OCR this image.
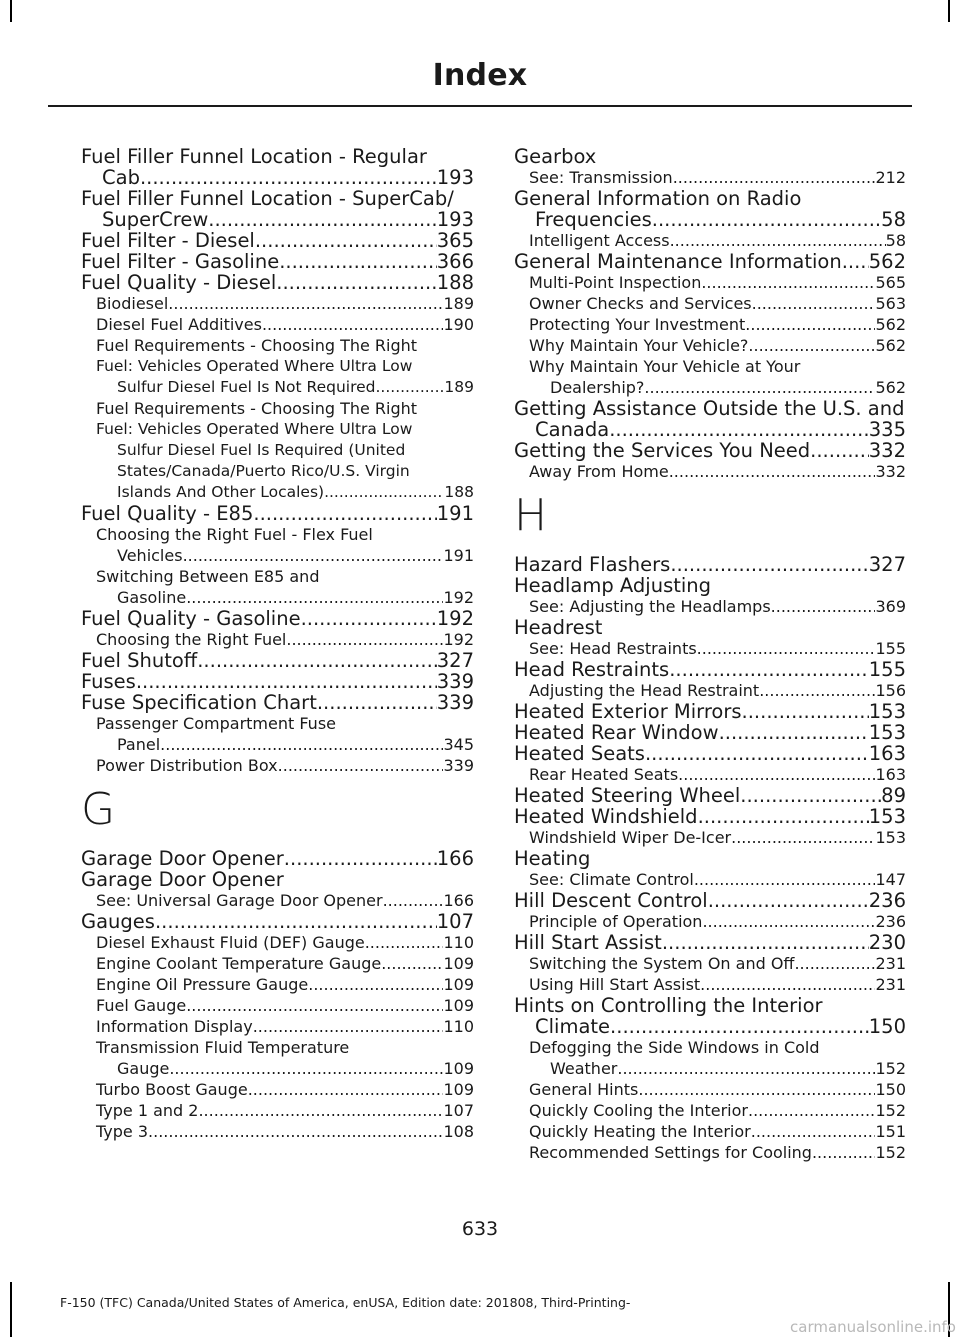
Index
Fuel Filler Funnel Location - Regular
Cab .....	193
Fuel Filler Funnel Location - SuperCab/
SuperCrew .....	193
Fuel Filter - Diesel .....	365
Fuel Filter - Gasoline .....	366
Fuel Quality - Diesel .....	188
Biodiesel .....	189
Diesel Fuel Additives .....	190
Fuel Requirements - Choosing The Right
Fuel: Vehicles Operated Where Ultra Low
Sulfur Diesel Fuel Is Not Required .....	189
Fuel Requirements - Choosing The Right
Fuel: Vehicles Operated Where Ultra Low
Sulfur Diesel Fuel Is Required (United
States/Canada/Puerto Rico/U.S. Virgin
Islands And Other Locales) .....	188
Fuel Quality - E85 .....	191
Choosing the Right Fuel - Flex Fuel
Vehicles .....	191
Switching Between E85 and
Gasoline .....	192
Fuel Quality - Gasoline .....	192
Choosing the Right Fuel .....	192
Fuel Shutoff .....	327
Fuses .....	339
Fuse Specification Chart .....	339
Passenger Compartment Fuse
Panel .....	345
Power Distribution Box .....	339
G
Garage Door Opener .....	166
Garage Door Opener
See: Universal Garage Door Opener .....	166
Gauges .....	107
Diesel Exhaust Fluid (DEF) Gauge .....	110
Engine Coolant Temperature Gauge .....	109
Engine Oil Pressure Gauge .....	109
Fuel Gauge .....	109
Information Display .....	110
Transmission Fluid Temperature
Gauge .....	109
Turbo Boost Gauge .....	109
Type 1 and 2 .....	107
Type 3 .....	108
Gearbox
See: Transmission .....	212
General Information on Radio
Frequencies .....	58
Intelligent Access .....	58
General Maintenance Information ..... 562
Multi-Point Inspection .....	565
Owner Checks and Services .....	563
Protecting Your Investment .....	562
Why Maintain Your Vehicle? .....	562
Why Maintain Your Vehicle at Your
Dealership? .....	562
Getting Assistance Outside the U.S. and
Canada .....	335
Getting the Services You Need .....	332
Away From Home .....	332
H
Hazard Flashers .....	327
Headlamp Adjusting
See: Adjusting the Headlamps .....	369
Headrest
See: Head Restraints .....	155
Head Restraints .....	155
Adjusting the Head Restraint .....	156
Heated Exterior Mirrors .....	153
Heated Rear Window .....	153
Heated Seats .....	163
Rear Heated Seats .....	163
Heated Steering Wheel .....	89
Heated Windshield .....	153
Windshield Wiper De-Icer .....	153
Heating
See: Climate Control .....	147
Hill Descent Control .....	236
Principle of Operation .....	236
Hill Start Assist .....	230
Switching the System On and Off .....	231
Using Hill Start Assist .....	231
Hints on Controlling the Interior
Climate .....	150
Defogging the Side Windows in Cold
Weather .....	152
General Hints .....	150
Quickly Cooling the Interior .....	152
Quickly Heating the Interior .....	151
Recommended Settings for Cooling .....	152
633
F-150 (TFC) Canada/United States of America, enUSA, Edition date: 201808, Third-Printing-
carmanualsonline.info
